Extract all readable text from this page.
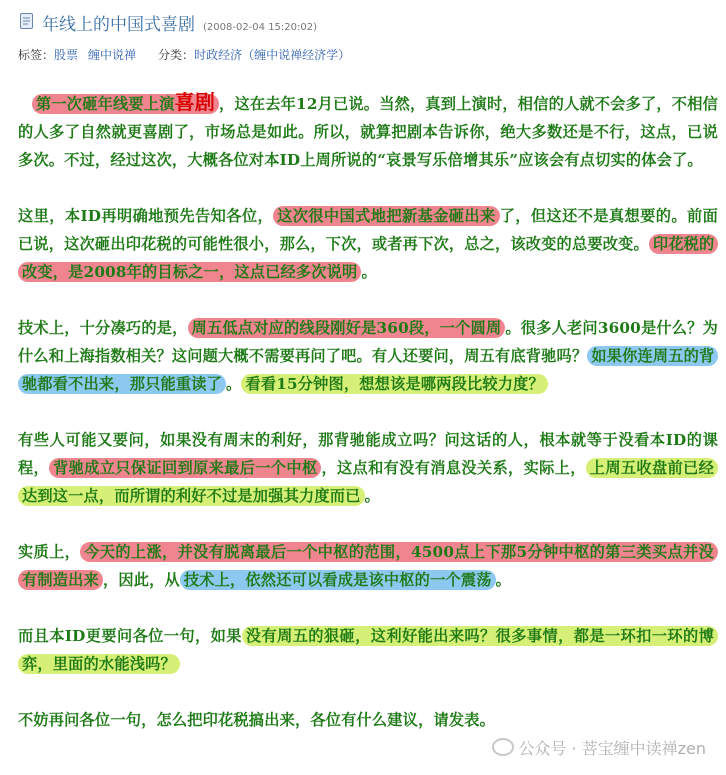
年线上的中国式喜剧 (2008-02-04 15:20:02)
标签：股票 缠中说禅 分类：时政经济（缠中说禅经济学）

第一次砸年线要上演喜剧 ，这在去年12月已说。当然，真到上演时，相信的人就不会多了，不相信的人多了自然就更喜剧了，市场总是如此。所以，就算把剧本告诉你，绝大多数还是不行，这点，已说多次。不过，经过这次，大概各位对本ID上周所说的“哀景写乐倍增其乐”应该会有点切实的体会了。

这里，本ID再明确地预先告知各位， 这次很中国式地把新基金砸出来 了，但这还不是真想要的。前面已说，这次砸出印花税的可能性很小，那么，下次，或者再下次，总之，该改变的总要改变。 印花税的改变，是2008年的目标之一，这点已经多次说明 。

技术上，十分凑巧的是， 周五低点对应的线段刚好是360段，一个圆周 。很多人老问3600是什么？为什么和上海指数相关？这问题大概不需要再问了吧。有人还要问，周五有底背驰吗？ 如果你连周五的背驰都看不出来，那只能重读了 。 看看15分钟图，想想该是哪两段比较力度？

有些人可能又要问，如果没有周末的利好，那背驰能成立吗？问这话的人，根本就等于没看本ID的课程， 背驰成立只保证回到原来最后一个中枢 ，这点和有没有消息没关系，实际上， 上周五收盘前已经达到这一点，而所谓的利好不过是加强其力度而已 。

实质上， 今天的上涨，并没有脱离最后一个中枢的范围，4500点上下那5分钟中枢的第三类买点并没有制造出来 ，因此，从 技术上，依然还可以看成是该中枢的一个震荡 。

而且本ID更要问各位一句，如果 没有周五的狠砸，这利好能出来吗？很多事情，都是一环扣一环的博弈，里面的水能浅吗？

不妨再问各位一句，怎么把印花税搞出来，各位有什么建议，请发表。

公众号 · 菩宝缠中读禅zen
